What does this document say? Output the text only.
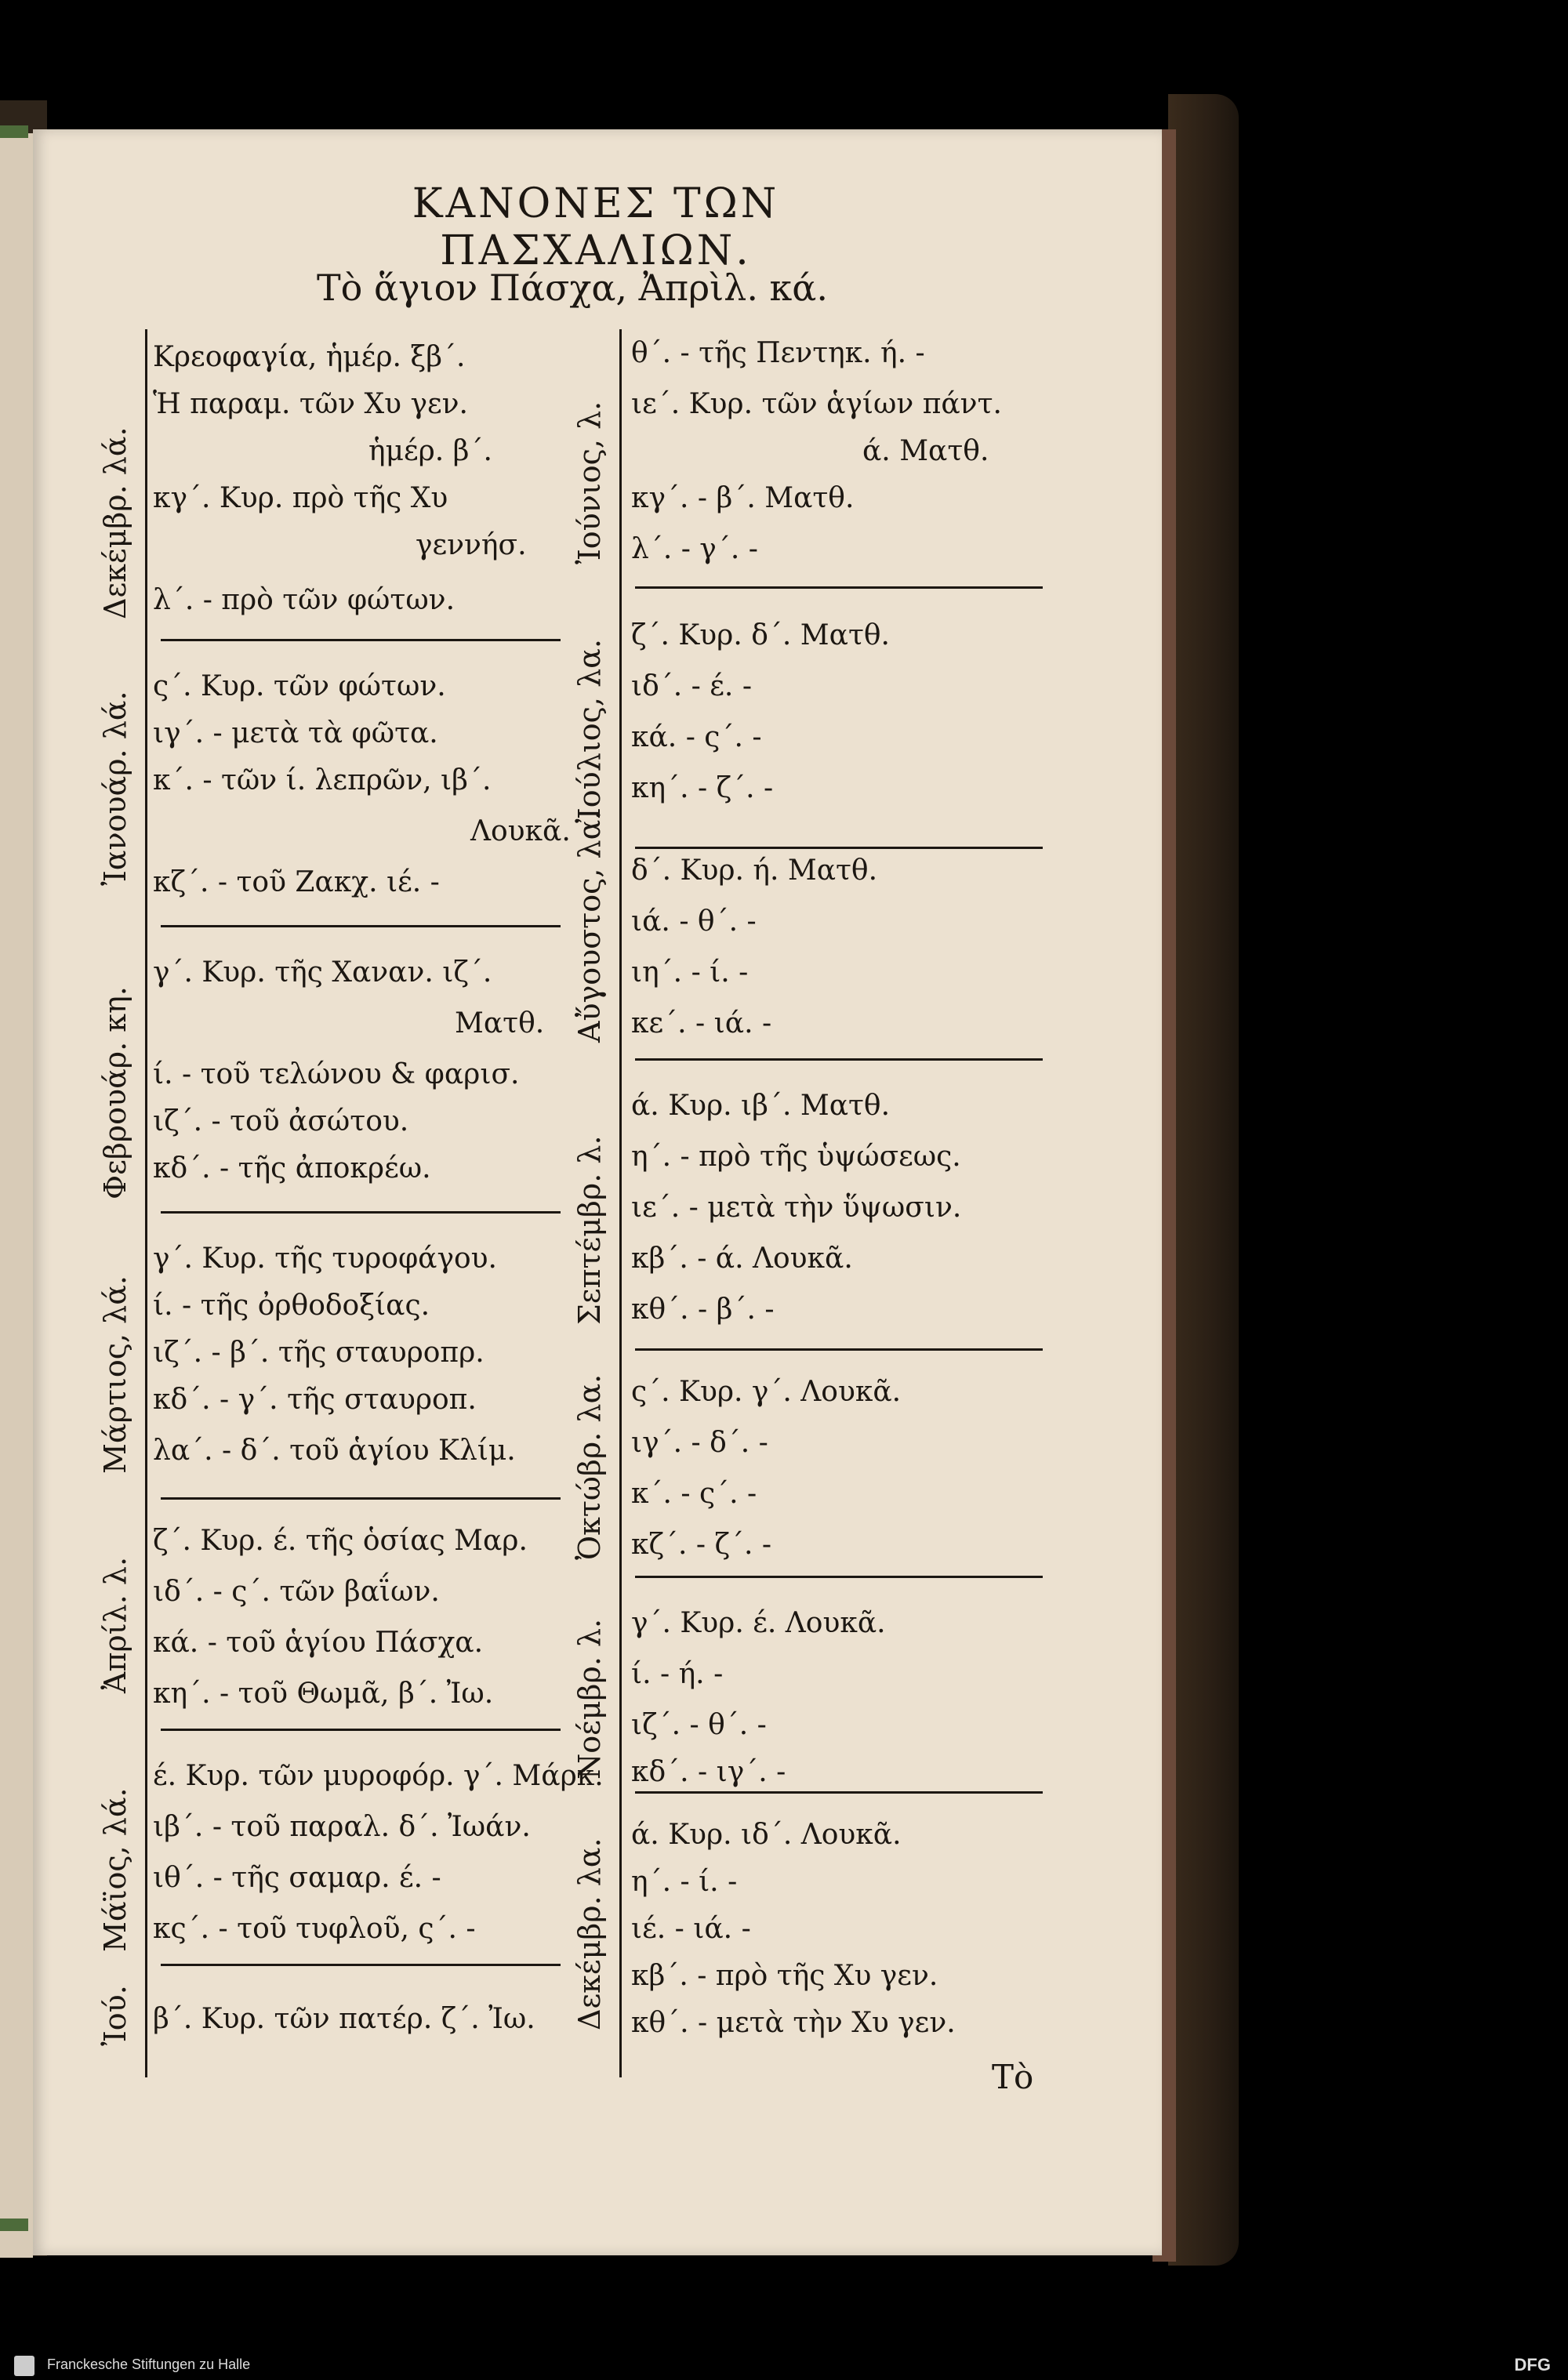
ΚΑΝΟΝΕΣ ΤΩΝ ΠΑΣΧΑΛΙΩΝ.
Τὸ ἅγιον Πάσχα, Ἀπρὶλ. κά.
Δεκέμβρ. λά.
Ἰανουάρ. λά.
Φεβρουάρ. κη.
Μάρτιος, λά.
Ἀπρίλ. λ.
Μάϊος, λά.
Ἰού.
Ἰούνιος, λ.
Ἰούλιος, λα.
Αὔγουστος, λα.
Σεπτέμβρ. λ.
Ὀκτώβρ. λα.
Νοέμβρ. λ.
Δεκέμβρ. λα.
Κρεοφαγία, ἡμέρ. ξβ΄.
Ἡ παραμ. τῶν Χυ γεν.
ἡμέρ. β΄.
κγ΄. Κυρ. πρὸ τῆς Χυ
γεννήσ.
λ΄. - πρὸ τῶν φώτων.
ς΄. Κυρ. τῶν φώτων.
ιγ΄. - μετὰ τὰ φῶτα.
κ΄. - τῶν ί. λεπρῶν, ιβ΄.
Λουκᾶ.
κζ΄. - τοῦ Ζακχ. ιέ. -
γ΄. Κυρ. τῆς Χαναν. ιζ΄.
Ματθ.
ί. - τοῦ τελώνου & φαρισ.
ιζ΄. - τοῦ ἀσώτου.
κδ΄. - τῆς ἀποκρέω.
γ΄. Κυρ. τῆς τυροφάγου.
ί. - τῆς ὀρθοδοξίας.
ιζ΄. - β΄. τῆς σταυροπρ.
κδ΄. - γ΄. τῆς σταυροπ.
λα΄. - δ΄. τοῦ ἁγίου Κλίμ.
ζ΄. Κυρ. έ. τῆς ὁσίας Μαρ.
ιδ΄. - ς΄. τῶν βαΐων.
κά. - τοῦ ἁγίου Πάσχα.
κη΄. - τοῦ Θωμᾶ, β΄. Ἰω.
έ. Κυρ. τῶν μυροφόρ. γ΄. Μάρκ.
ιβ΄. - τοῦ παραλ. δ΄. Ἰωάν.
ιθ΄. - τῆς σαμαρ. έ. -
κς΄. - τοῦ τυφλοῦ, ς΄. -
β΄. Κυρ. τῶν πατέρ. ζ΄. Ἰω.
θ΄. - τῆς Πεντηκ. ή. -
ιε΄. Κυρ. τῶν ἁγίων πάντ.
ά. Ματθ.
κγ΄. - β΄. Ματθ.
λ΄. - γ΄. -
ζ΄. Κυρ. δ΄. Ματθ.
ιδ΄. - έ. -
κά. - ς΄. -
κη΄. - ζ΄. -
δ΄. Κυρ. ή. Ματθ.
ιά. - θ΄. -
ιη΄. - ί. -
κε΄. - ιά. -
ά. Κυρ. ιβ΄. Ματθ.
η΄. - πρὸ τῆς ὑψώσεως.
ιε΄. - μετὰ τὴν ὕψωσιν.
κβ΄. - ά. Λουκᾶ.
κθ΄. - β΄. -
ς΄. Κυρ. γ΄. Λουκᾶ.
ιγ΄. - δ΄. -
κ΄. - ς΄. -
κζ΄. - ζ΄. -
γ΄. Κυρ. έ. Λουκᾶ.
ί. - ή. -
ιζ΄. - θ΄. -
κδ΄. - ιγ΄. -
ά. Κυρ. ιδ΄. Λουκᾶ.
η΄. - ί. -
ιέ. - ιά. -
κβ΄. - πρὸ τῆς Χυ γεν.
κθ΄. - μετὰ τὴν Χυ γεν.
Τὸ
Franckesche Stiftungen zu Halle	DFG
